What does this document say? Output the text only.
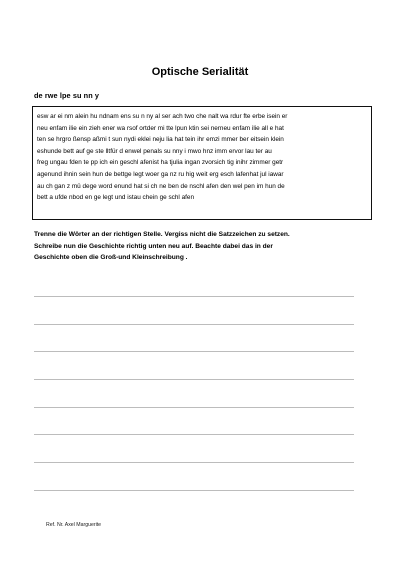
Optische Serialität
de rwe lpe su nn y
esw ar ei nm alein hu ndnam ens su n ny al ser ach two che nalt wa rdur fte erbe isein er
neu enfam ilie ein zieh ener wa rsof ortder mi tte lpun ktin sei nerneu enfam ilie all e hat
ten se hrgro ßensp aßmi t sun nydi eklei neju lia hat tein ihr emzi mmer ber eitsein klein
eshunde bett auf ge ste lltfür d enwel penals su nny i mwo hnz imm ervor lau ter au
freg ungau fden te pp ich ein geschl afenist ha tjulia ingan zvorsich tig inihr zimmer getr
agenund ihnin sein hun de bettge legt woer ga nz ru hig weit erg esch lafenhat jul iawar
au ch gan z mü dege word enund hat si ch ne ben de nschl afen den wel pen im hun de
bett a ufde nbod en ge legt und istau chein ge schl afen
Trenne die Wörter an der richtigen Stelle. Vergiss nicht die Satzzeichen zu setzen.
Schreibe nun die Geschichte richtig unten neu auf. Beachte dabei das in der
Geschichte oben die Groß-und Kleinschreibung .
Ref. Nr. Axel Marguerite
